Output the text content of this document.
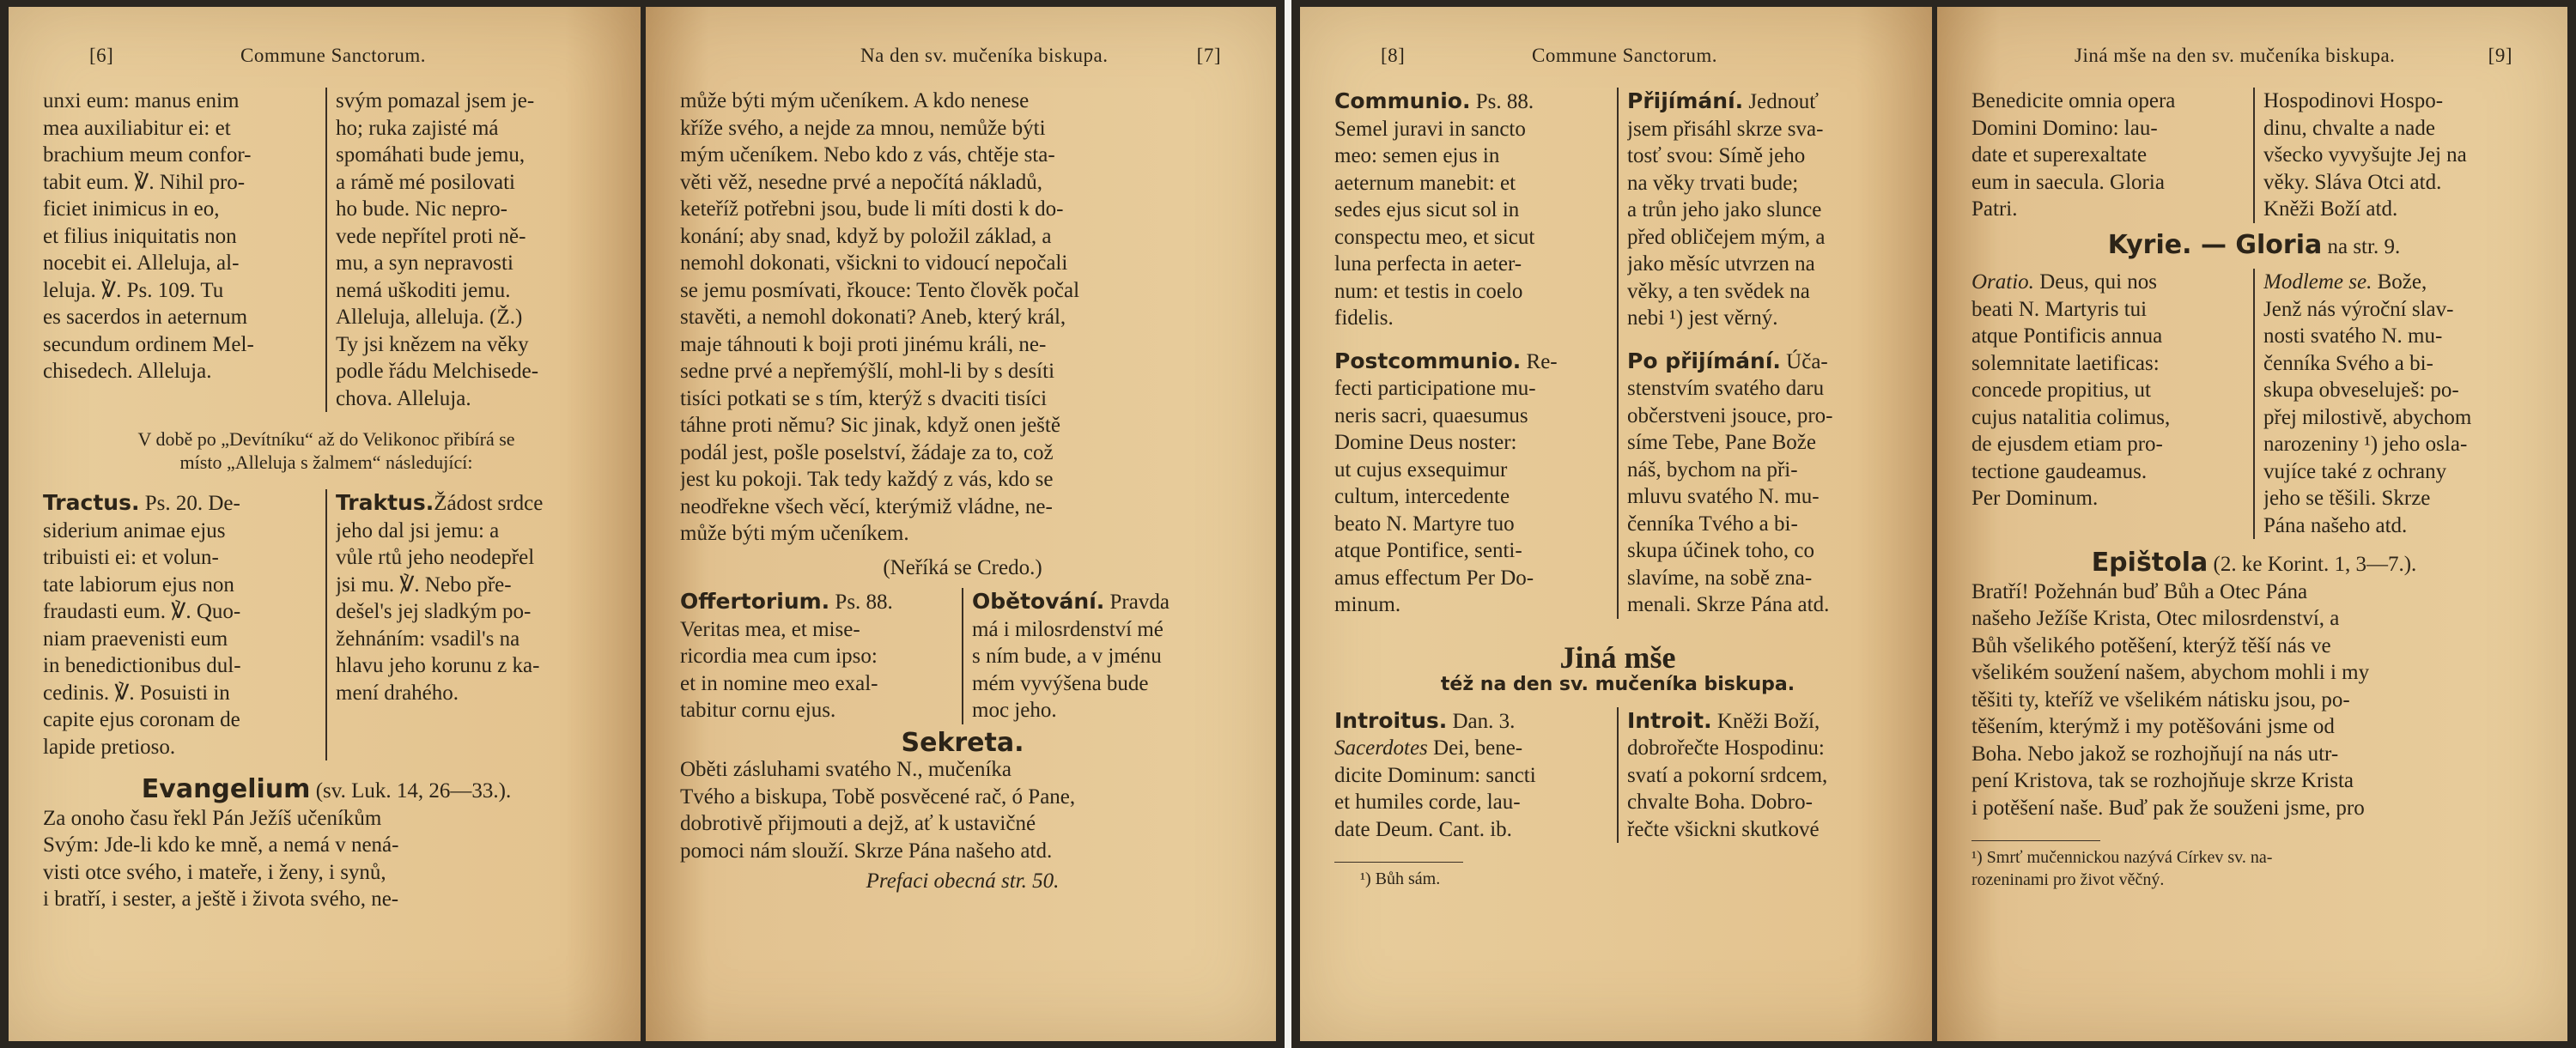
[6]	Commune Sanctorum.
unxi eum: manus enim
mea auxiliabitur ei: et
brachium meum confor-
tabit eum. ℣. Nihil pro-
ficiet inimicus in eo,
et filius iniquitatis non
nocebit ei. Alleluja, al-
leluja. ℣. Ps. 109. Tu
es sacerdos in aeternum
secundum ordinem Mel-
chisedech. Alleluja.
svým pomazal jsem je-
ho; ruka zajisté má
spomáhati bude jemu,
a rámě mé posilovati
ho bude. Nic nepro-
vede nepřítel proti ně-
mu, a syn nepravosti
nemá uškoditi jemu.
Alleluja, alleluja. (Ž.)
Ty jsi knězem na věky
podle řádu Melchisede-
chova. Alleluja.
V době po „Devítníku“ až do Velikonoc přibírá se
místo „Alleluja s žalmem“ následující:
Tractus. Ps. 20. De-
siderium animae ejus
tribuisti ei: et volun-
tate labiorum ejus non
fraudasti eum. ℣. Quo-
niam praevenisti eum
in benedictionibus dul-
cedinis. ℣. Posuisti in
capite ejus coronam de
lapide pretioso.
Traktus.Žádost srdce
jeho dal jsi jemu: a
vůle rtů jeho neodepřel
jsi mu. ℣. Nebo pře-
dešel's jej sladkým po-
žehnáním: vsadil's na
hlavu jeho korunu z ka-
mení drahého.
Evangelium (sv. Luk. 14, 26—33.).
Za onoho času řekl Pán Ježíš učeníkům
Svým: Jde-li kdo ke mně, a nemá v nená-
visti otce svého, i mateře, i ženy, i synů,
i bratří, i sester, a ještě i života svého, ne-
Na den sv. mučeníka biskupa.	[7]
může býti mým učeníkem. A kdo nenese
kříže svého, a nejde za mnou, nemůže býti
mým učeníkem. Nebo kdo z vás, chtěje sta-
věti věž, nesedne prvé a nepočítá nákladů,
keteříž potřebni jsou, bude li míti dosti k do-
konání; aby snad, když by položil základ, a
nemohl dokonati, všickni to vidoucí nepočali
se jemu posmívati, řkouce: Tento člověk počal
stavěti, a nemohl dokonati? Aneb, který král,
maje táhnouti k boji proti jinému králi, ne-
sedne prvé a nepřemýšlí, mohl-li by s desíti
tisíci potkati se s tím, kterýž s dvaciti tisíci
táhne proti němu? Sic jinak, když onen ještě
podál jest, pošle poselství, žádaje za to, což
jest ku pokoji. Tak tedy každý z vás, kdo se
neodřekne všech věcí, kterýmiž vládne, ne-
může býti mým učeníkem.
(Neříká se Credo.)
Offertorium. Ps. 88.
Veritas mea, et mise-
ricordia mea cum ipso:
et in nomine meo exal-
tabitur cornu ejus.
Obětování. Pravda
má i milosrdenství mé
s ním bude, a v jménu
mém vyvýšena bude
moc jeho.
Sekreta.
Oběti zásluhami svatého N., mučeníka
Tvého a biskupa, Tobě posvěcené rač, ó Pane,
dobrotivě přijmouti a dejž, ať k ustavičné
pomoci nám slouží. Skrze Pána našeho atd.
Prefaci obecná str. 50.
[8]	Commune Sanctorum.
Communio. Ps. 88.
Semel juravi in sancto
meo: semen ejus in
aeternum manebit: et
sedes ejus sicut sol in
conspectu meo, et sicut
luna perfecta in aeter-
num: et testis in coelo
fidelis.
Postcommunio. Re-
fecti participatione mu-
neris sacri, quaesumus
Domine Deus noster:
ut cujus exsequimur
cultum, intercedente
beato N. Martyre tuo
atque Pontifice, senti-
amus effectum Per Do-
minum.
Přijímání. Jednouť
jsem přisáhl skrze sva-
tosť svou: Símě jeho
na věky trvati bude;
a trůn jeho jako slunce
před obličejem mým, a
jako měsíc utvrzen na
věky, a ten svědek na
nebi ¹) jest věrný.
Po přijímání. Úča-
stenstvím svatého daru
občerstveni jsouce, pro-
síme Tebe, Pane Bože
náš, bychom na při-
mluvu svatého N. mu-
čenníka Tvého a bi-
skupa účinek toho, co
slavíme, na sobě zna-
menali. Skrze Pána atd.
Jiná mše
též na den sv. mučeníka biskupa.
Introitus. Dan. 3.
Sacerdotes Dei, bene-
dicite Dominum: sancti
et humiles corde, lau-
date Deum. Cant. ib.
Introit. Kněži Boží,
dobrořečte Hospodinu:
svatí a pokorní srdcem,
chvalte Boha. Dobro-
řečte všickni skutkové
¹) Bůh sám.
Jiná mše na den sv. mučeníka biskupa.	[9]
Benedicite omnia opera
Domini Domino: lau-
date et superexaltate
eum in saecula. Gloria
Patri.
Hospodinovi Hospo-
dinu, chvalte a nade
všecko vyvyšujte Jej na
věky. Sláva Otci atd.
Kněži Boží atd.
Kyrie. — Gloria na str. 9.
Oratio. Deus, qui nos
beati N. Martyris tui
atque Pontificis annua
solemnitate laetificas:
concede propitius, ut
cujus natalitia colimus,
de ejusdem etiam pro-
tectione gaudeamus.
Per Dominum.
Modleme se. Bože,
Jenž nás výroční slav-
nosti svatého N. mu-
čenníka Svého a bi-
skupa obveseluješ: po-
přej milostivě, abychom
narozeniny ¹) jeho osla-
vujíce také z ochrany
jeho se těšili. Skrze
Pána našeho atd.
Epištola (2. ke Korint. 1, 3—7.).
Bratří! Požehnán buď Bůh a Otec Pána
našeho Ježíše Krista, Otec milosrdenství, a
Bůh všelikého potěšení, kterýž těší nás ve
všelikém soužení našem, abychom mohli i my
těšiti ty, kteříž ve všelikém nátisku jsou, po-
těšením, kterýmž i my potěšováni jsme od
Boha. Nebo jakož se rozhojňují na nás utr-
pení Kristova, tak se rozhojňuje skrze Krista
i potěšení naše. Buď pak že souženi jsme, pro
¹) Smrť mučennickou nazývá Církev sv. na-
rozeninami pro život věčný.
